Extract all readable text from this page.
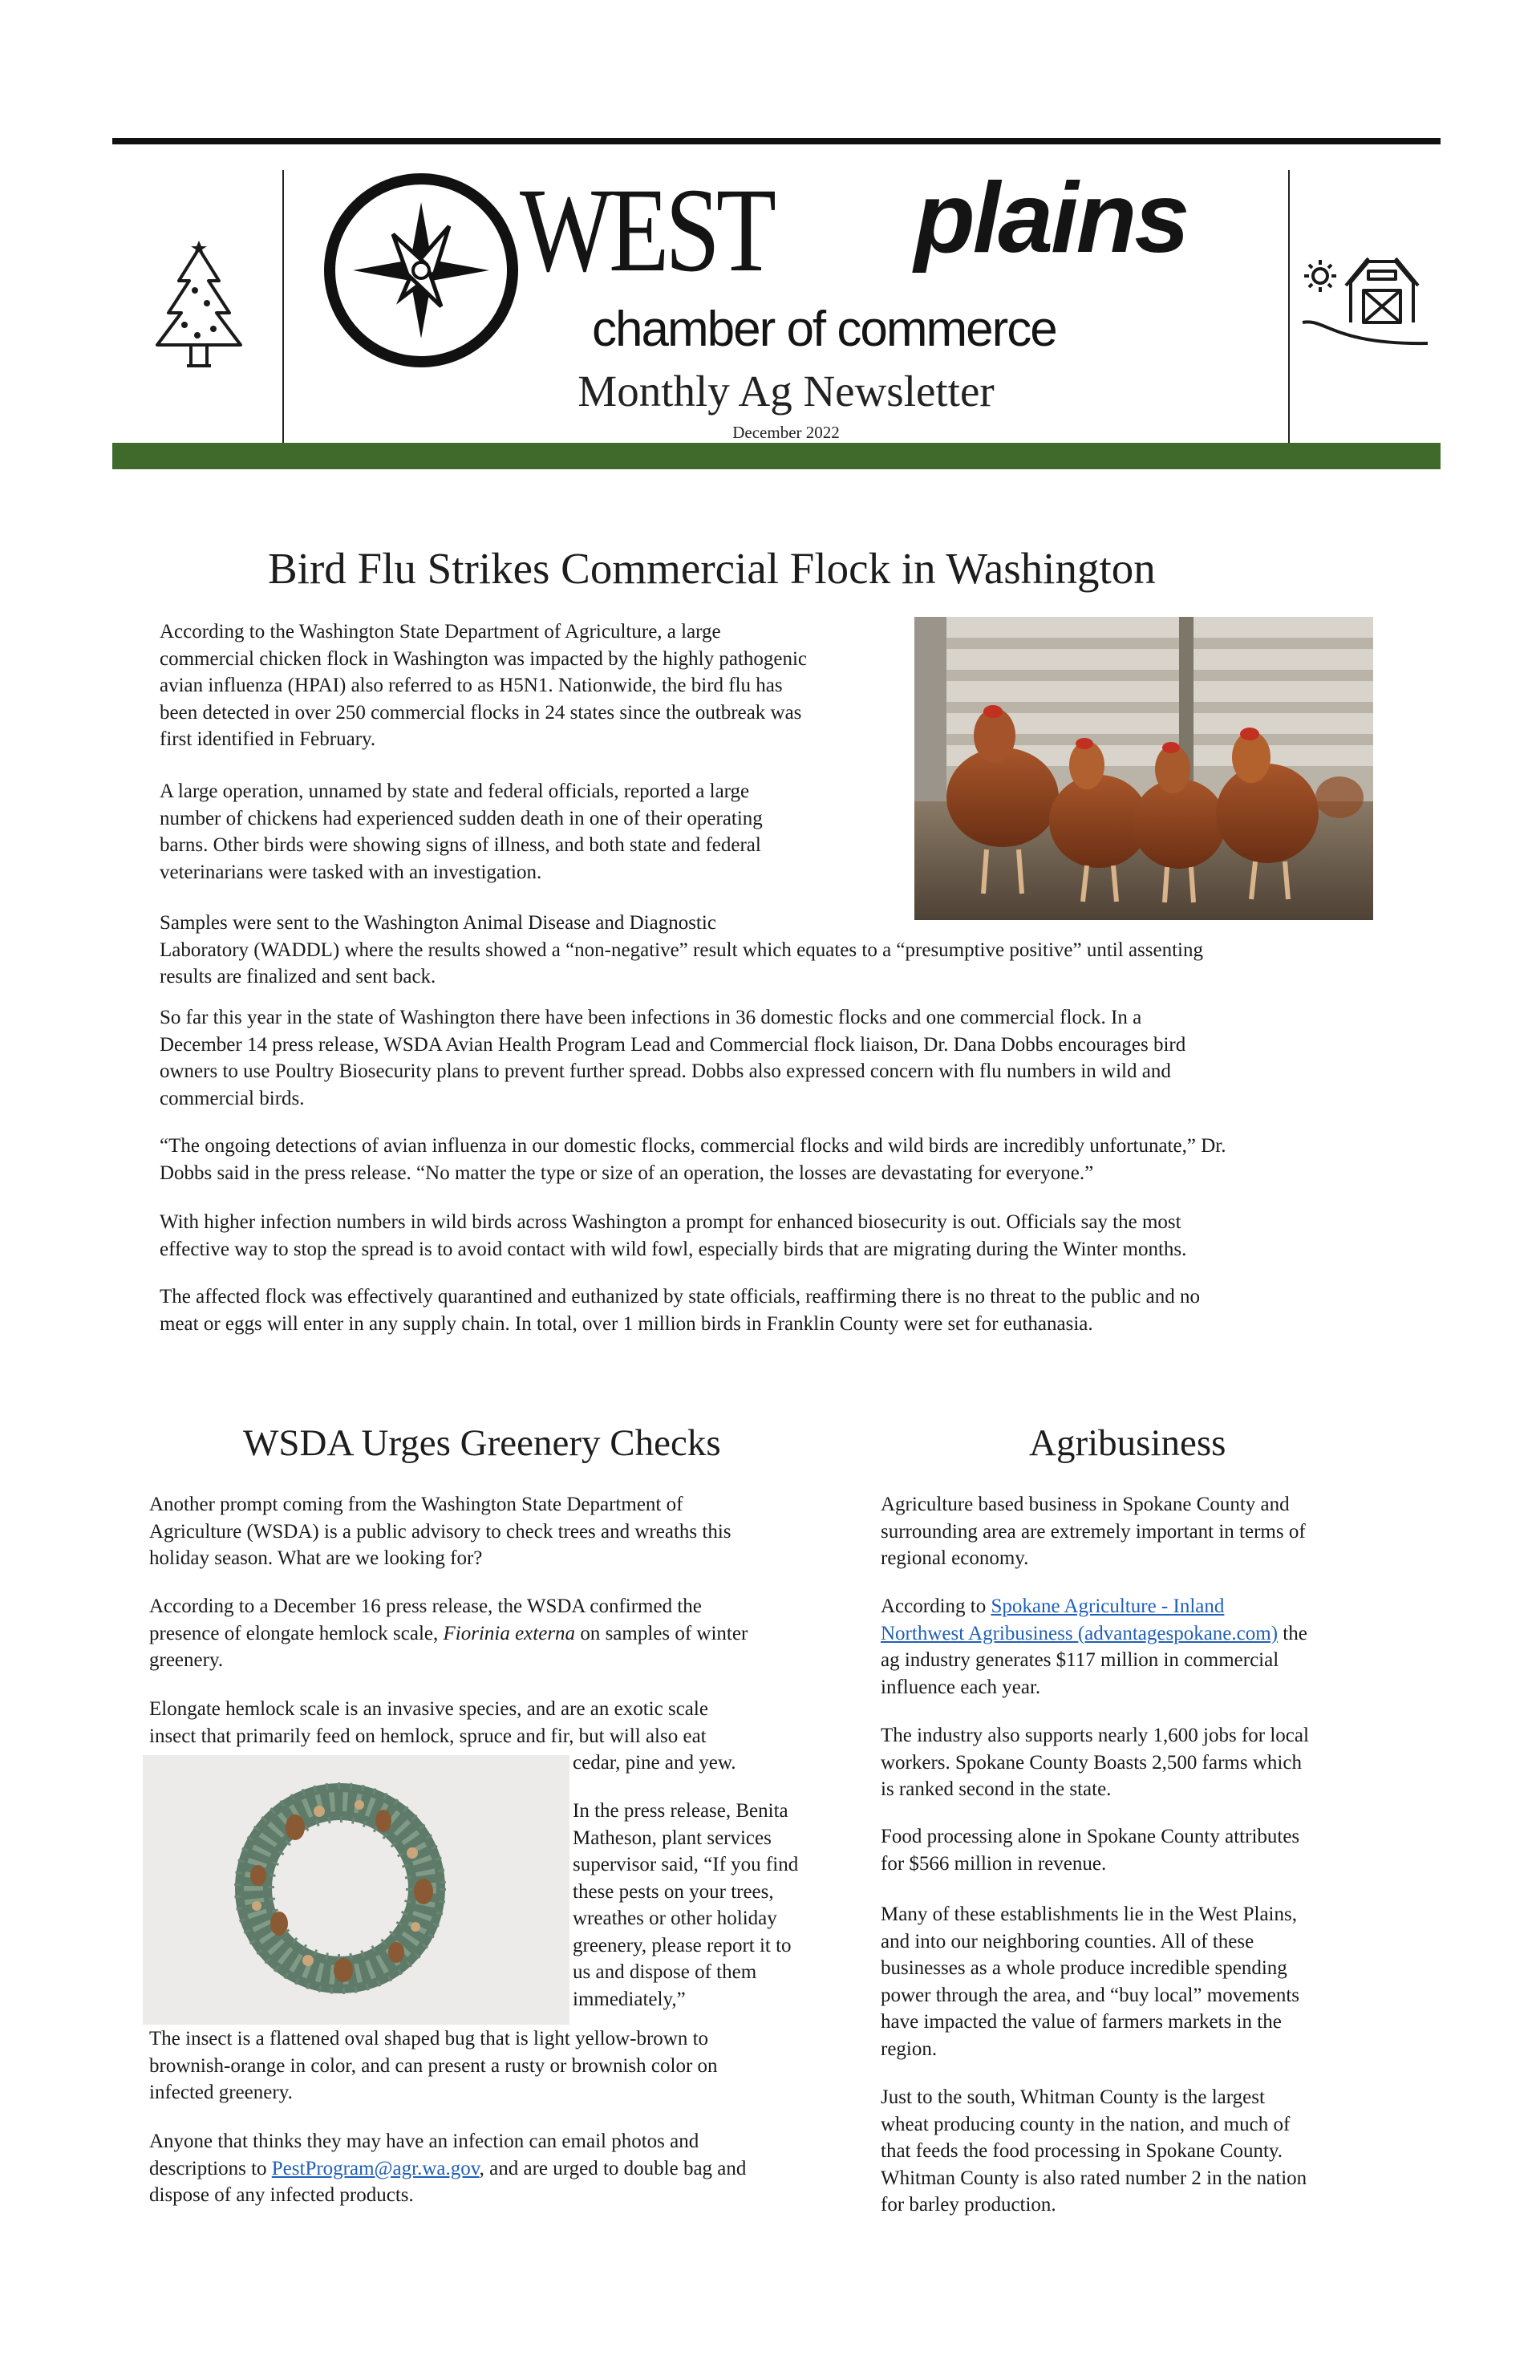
WEST plains
chamber of commerce
Monthly Ag Newsletter
December 2022
Bird Flu Strikes Commercial Flock in Washington

According to the Washington State Department of Agriculture, a large

commercial chicken flock in Washington was impacted by the highly pathogenic

avian influenza (HPAI) also referred to as H5N1. Nationwide, the bird flu has

been detected in over 250 commercial flocks in 24 states since the outbreak was

first identified in February.

A large operation, unnamed by state and federal officials, reported a large

number of chickens had experienced sudden death in one of their operating

barns. Other birds were showing signs of illness, and both state and federal

veterinarians were tasked with an investigation.

Samples were sent to the Washington Animal Disease and Diagnostic

Laboratory (WADDL) where the results showed a “non-negative” result which equates to a “presumptive positive” until assenting

results are finalized and sent back.

So far this year in the state of Washington there have been infections in 36 domestic flocks and one commercial flock. In a

December 14 press release, WSDA Avian Health Program Lead and Commercial flock liaison, Dr. Dana Dobbs encourages bird

owners to use Poultry Biosecurity plans to prevent further spread. Dobbs also expressed concern with flu numbers in wild and

commercial birds.

“The ongoing detections of avian influenza in our domestic flocks, commercial flocks and wild birds are incredibly unfortunate,” Dr.

Dobbs said in the press release. “No matter the type or size of an operation, the losses are devastating for everyone.”

With higher infection numbers in wild birds across Washington a prompt for enhanced biosecurity is out. Officials say the most

effective way to stop the spread is to avoid contact with wild fowl, especially birds that are migrating during the Winter months.

The affected flock was effectively quarantined and euthanized by state officials, reaffirming there is no threat to the public and no

meat or eggs will enter in any supply chain. In total, over 1 million birds in Franklin County were set for euthanasia.

WSDA Urges Greenery Checks

Another prompt coming from the Washington State Department of

Agriculture (WSDA) is a public advisory to check trees and wreaths this

holiday season. What are we looking for?

According to a December 16 press release, the WSDA confirmed the

presence of elongate hemlock scale, Fiorinia externa on samples of winter

greenery.

Elongate hemlock scale is an invasive species, and are an exotic scale

insect that primarily feed on hemlock, spruce and fir, but will also eat

cedar, pine and yew.

In the press release, Benita

Matheson, plant services

supervisor said, “If you find

these pests on your trees,

wreathes or other holiday

greenery, please report it to

us and dispose of them

immediately,”

The insect is a flattened oval shaped bug that is light yellow-brown to

brownish-orange in color, and can present a rusty or brownish color on

infected greenery.

Anyone that thinks they may have an infection can email photos and

descriptions to PestProgram@agr.wa.gov, and are urged to double bag and

dispose of any infected products.

Agribusiness

Agriculture based business in Spokane County and

surrounding area are extremely important in terms of

regional economy.

According to Spokane Agriculture - Inland

Northwest Agribusiness (advantagespokane.com) the

ag industry generates $117 million in commercial

influence each year.

The industry also supports nearly 1,600 jobs for local

workers. Spokane County Boasts 2,500 farms which

is ranked second in the state.

Food processing alone in Spokane County attributes

for $566 million in revenue.

Many of these establishments lie in the West Plains,

and into our neighboring counties. All of these

businesses as a whole produce incredible spending

power through the area, and “buy local” movements

have impacted the value of farmers markets in the

region.

Just to the south, Whitman County is the largest

wheat producing county in the nation, and much of

that feeds the food processing in Spokane County.

Whitman County is also rated number 2 in the nation

for barley production.
